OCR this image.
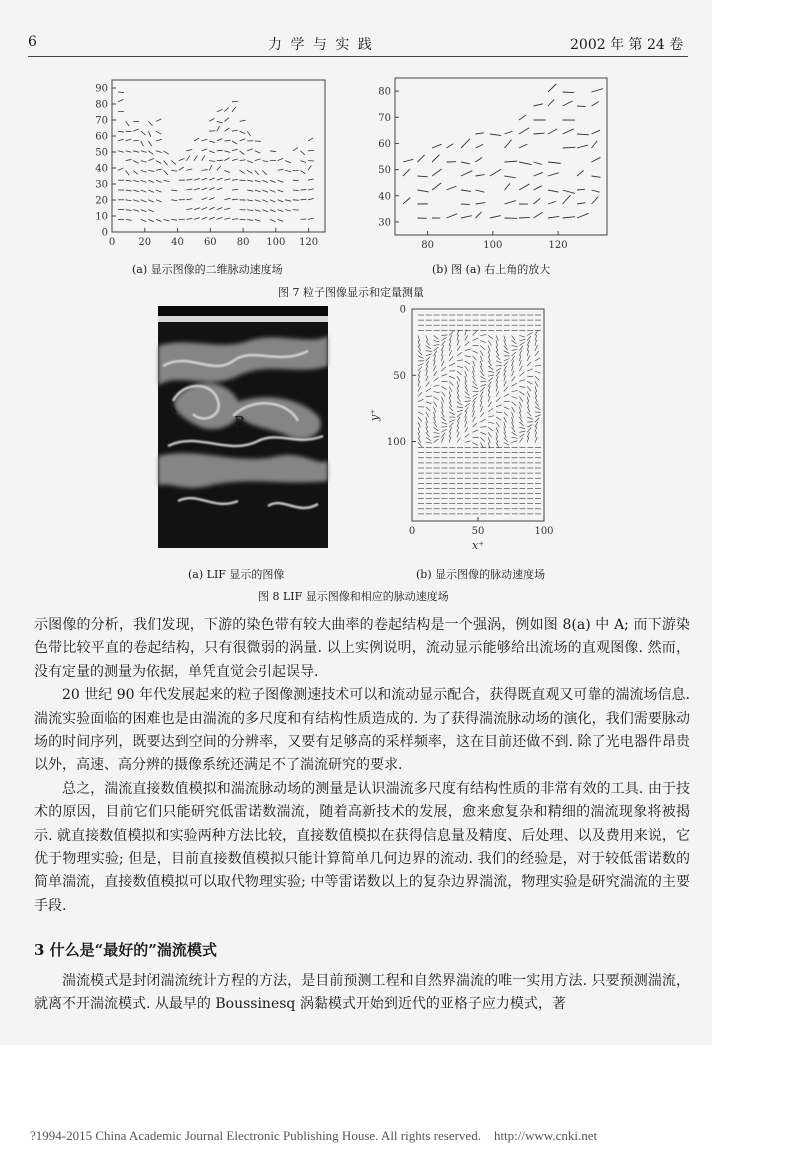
6	力 学 与 实 践	2002 年 第 24 卷
0 20 40 60 80 100 120
0
10
20
30
40
50
60
70
80
90
(a) 显示图像的二维脉动速度场
80	100	120
30
40
50
60
70
80
(b) 图 (a) 右上角的放大
图 7 粒子图像显示和定量测量
A
B
(a) LIF 显示的图像
0	50	100
0
50
100
x⁺
y⁺
(b) 显示图像的脉动速度场
图 8 LIF 显示图像和相应的脉动速度场

示图像的分析，我们发现，下游的染色带有较大曲率的卷起结构是一个强涡，例如图 8(a) 中 A; 而下游染色带比较平直的卷起结构，只有很微弱的涡量. 以上实例说明，流动显示能够给出流场的直观图像. 然而，没有定量的测量为依据，单凭直觉会引起误导.

20 世纪 90 年代发展起来的粒子图像测速技术可以和流动显示配合，获得既直观又可靠的湍流场信息. 湍流实验面临的困难也是由湍流的多尺度和有结构性质造成的. 为了获得湍流脉动场的演化，我们需要脉动场的时间序列，既要达到空间的分辨率，又要有足够高的采样频率，这在目前还做不到. 除了光电器件昂贵以外，高速、高分辨的摄像系统还满足不了湍流研究的要求.

总之，湍流直接数值模拟和湍流脉动场的测量是认识湍流多尺度有结构性质的非常有效的工具. 由于技术的原因，目前它们只能研究低雷诺数湍流，随着高新技术的发展，愈来愈复杂和精细的湍流现象将被揭示. 就直接数值模拟和实验两种方法比较，直接数值模拟在获得信息量及精度、后处理、以及费用来说，它优于物理实验; 但是，目前直接数值模拟只能计算简单几何边界的流动. 我们的经验是，对于较低雷诺数的简单湍流，直接数值模拟可以取代物理实验; 中等雷诺数以上的复杂边界湍流，物理实验是研究湍流的主要手段.

3 什么是“最好的”湍流模式

湍流模式是封闭湍流统计方程的方法，是目前预测工程和自然界湍流的唯一实用方法. 只要预测湍流，就离不开湍流模式. 从最早的 Boussinesq 涡黏模式开始到近代的亚格子应力模式，著

?1994-2015 China Academic Journal Electronic Publishing House. All rights reserved. http://www.cnki.net
